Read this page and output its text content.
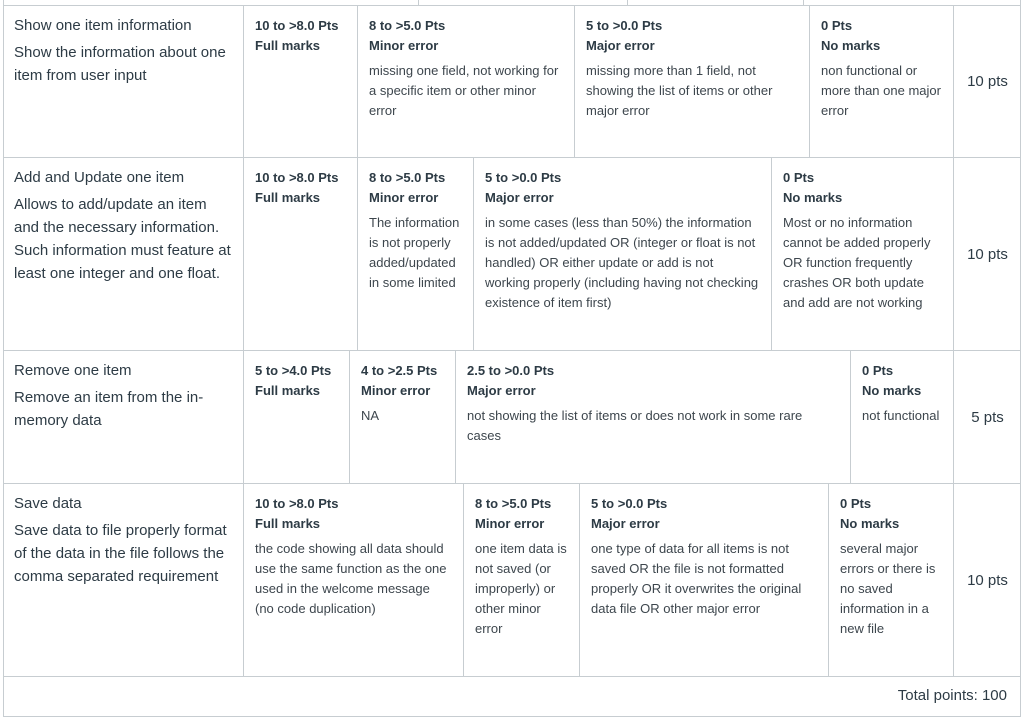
Show one item information
Show the information about one item from user input
10 to >8.0 Pts
Full marks
8 to >5.0 Pts
Minor error
missing one field, not working for a specific item or other minor error
5 to >0.0 Pts
Major error
missing more than 1 field, not showing the list of items or other major error
0 Pts
No marks
non functional or more than one major error
10 pts
Add and Update one item
Allows to add/update an item and the necessary information. Such information must feature at least one integer and one float.
10 to >8.0 Pts
Full marks
8 to >5.0 Pts
Minor error
The information is not properly added/updated in some limited
5 to >0.0 Pts
Major error
in some cases (less than 50%) the information is not added/updated OR (integer or float is not handled) OR either update or add is not working properly (including having not checking existence of item first)
0 Pts
No marks
Most or no information cannot be added properly OR function frequently crashes OR both update and add are not working
10 pts
Remove one item
Remove an item from the in-memory data
5 to >4.0 Pts
Full marks
4 to >2.5 Pts
Minor error
NA
2.5 to >0.0 Pts
Major error
not showing the list of items or does not work in some rare cases
0 Pts
No marks
not functional	5 pts
Save data
Save data to file properly format of the data in the file follows the comma separated requirement
10 to >8.0 Pts
Full marks
the code showing all data should use the same function as the one used in the welcome message (no code duplication)
8 to >5.0 Pts
Minor error
one item data is not saved (or improperly) or other minor error
5 to >0.0 Pts
Major error
one type of data for all items is not saved OR the file is not formatted properly OR it overwrites the original data file OR other major error
0 Pts
No marks
several major errors or there is no saved information in a new file
10 pts
Total points: 100
